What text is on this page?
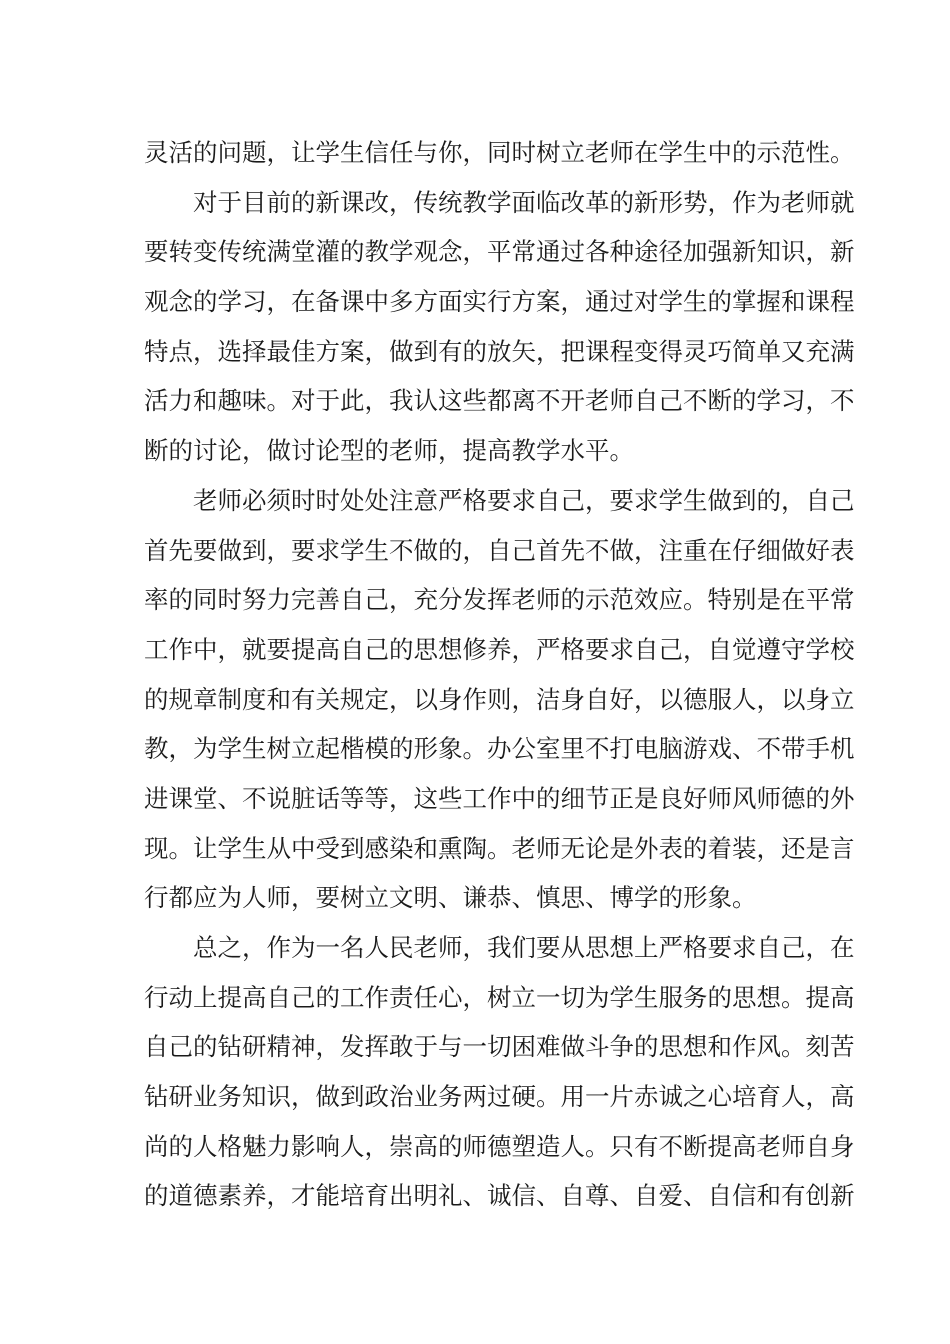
灵活的问题，让学生信任与你，同时树立老师在学生中的示范性。
对于目前的新课改，传统教学面临改革的新形势，作为老师就
要转变传统满堂灌的教学观念，平常通过各种途径加强新知识，新
观念的学习，在备课中多方面实行方案，通过对学生的掌握和课程
特点，选择最佳方案，做到有的放矢，把课程变得灵巧简单又充满
活力和趣味。对于此，我认这些都离不开老师自己不断的学习，不
断的讨论，做讨论型的老师，提高教学水平。
老师必须时时处处注意严格要求自己，要求学生做到的，自己
首先要做到，要求学生不做的，自己首先不做，注重在仔细做好表
率的同时努力完善自己，充分发挥老师的示范效应。特别是在平常
工作中，就要提高自己的思想修养，严格要求自己，自觉遵守学校
的规章制度和有关规定，以身作则，洁身自好，以德服人，以身立
教，为学生树立起楷模的形象。办公室里不打电脑游戏、不带手机
进课堂、不说脏话等等，这些工作中的细节正是良好师风师德的外
现。让学生从中受到感染和熏陶。老师无论是外表的着装，还是言
行都应为人师，要树立文明、谦恭、慎思、博学的形象。
总之，作为一名人民老师，我们要从思想上严格要求自己，在
行动上提高自己的工作责任心，树立一切为学生服务的思想。提高
自己的钻研精神，发挥敢于与一切困难做斗争的思想和作风。刻苦
钻研业务知识，做到政治业务两过硬。用一片赤诚之心培育人，高
尚的人格魅力影响人，崇高的师德塑造人。只有不断提高老师自身
的道德素养，才能培育出明礼、诚信、自尊、自爱、自信和有创新
